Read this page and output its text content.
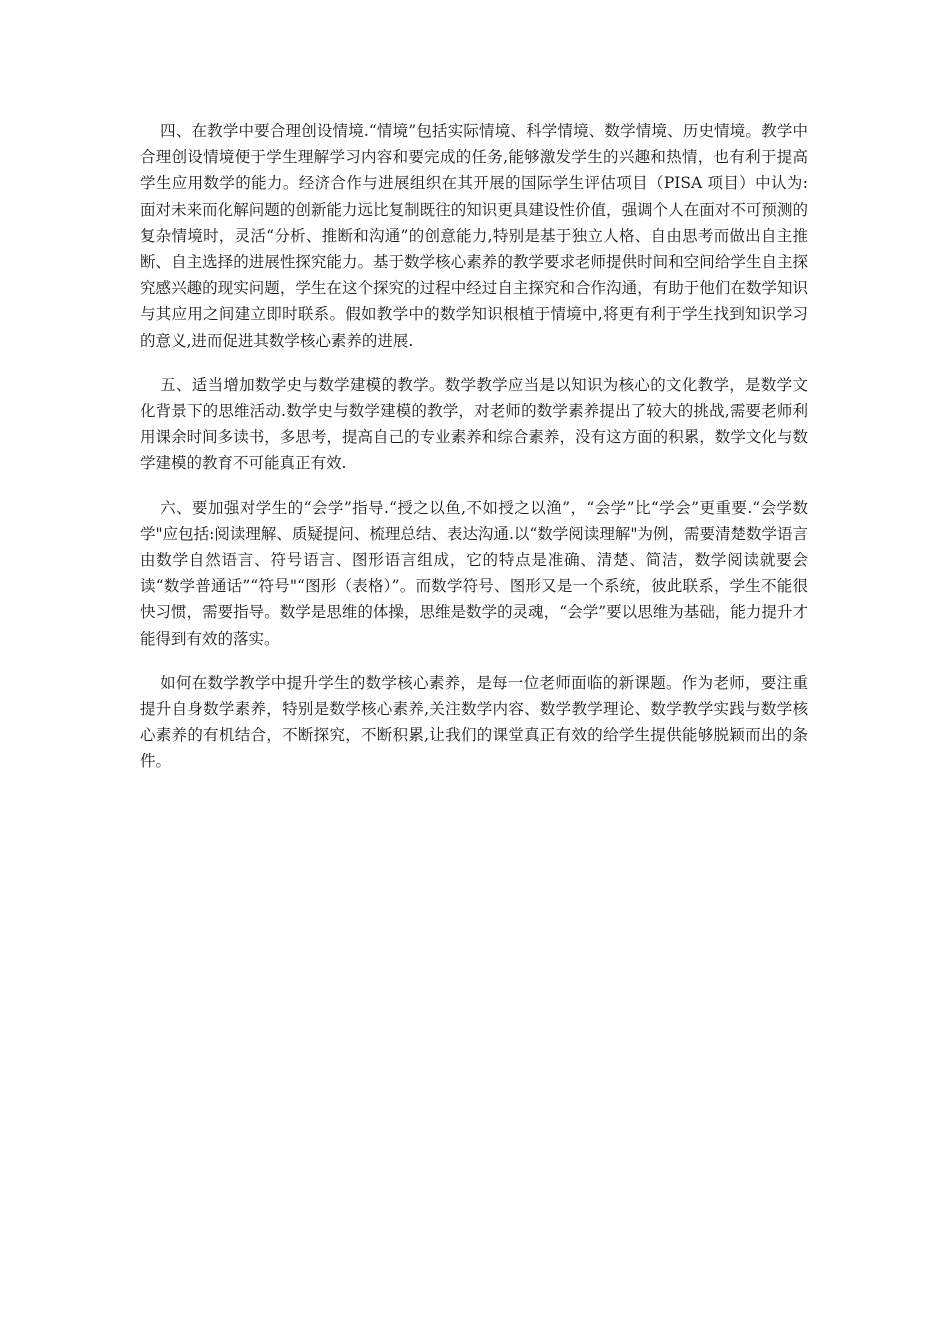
四、在教学中要合理创设情境.“情境”包括实际情境、科学情境、数学情境、历史情境。教学中合理创设情境便于学生理解学习内容和要完成的任务,能够激发学生的兴趣和热情，也有利于提高学生应用数学的能力。经济合作与进展组织在其开展的国际学生评估项目（PISA 项目）中认为:面对未来而化解问题的创新能力远比复制既往的知识更具建设性价值，强调个人在面对不可预测的复杂情境时，灵活“分析、推断和沟通”的创意能力,特别是基于独立人格、自由思考而做出自主推断、自主选择的进展性探究能力。基于数学核心素养的教学要求老师提供时间和空间给学生自主探究感兴趣的现实问题，学生在这个探究的过程中经过自主探究和合作沟通，有助于他们在数学知识与其应用之间建立即时联系。假如教学中的数学知识根植于情境中,将更有利于学生找到知识学习的意义,进而促进其数学核心素养的进展.

五、适当增加数学史与数学建模的教学。数学教学应当是以知识为核心的文化教学，是数学文化背景下的思维活动.数学史与数学建模的教学，对老师的数学素养提出了较大的挑战,需要老师利用课余时间多读书，多思考，提高自己的专业素养和综合素养，没有这方面的积累，数学文化与数学建模的教育不可能真正有效.

六、要加强对学生的“会学”指导.“授之以鱼,不如授之以渔”，“会学”比“学会”更重要.“会学数学"应包括:阅读理解、质疑提问、梳理总结、表达沟通.以“数学阅读理解"为例，需要清楚数学语言由数学自然语言、符号语言、图形语言组成，它的特点是准确、清楚、简洁，数学阅读就要会读“数学普通话”“符号"“图形（表格）”。而数学符号、图形又是一个系统，彼此联系，学生不能很快习惯，需要指导。数学是思维的体操，思维是数学的灵魂，“会学”要以思维为基础，能力提升才能得到有效的落实。

如何在数学教学中提升学生的数学核心素养，是每一位老师面临的新课题。作为老师，要注重提升自身数学素养，特别是数学核心素养,关注数学内容、数学教学理论、数学教学实践与数学核心素养的有机结合，不断探究，不断积累,让我们的课堂真正有效的给学生提供能够脱颖而出的条件。
